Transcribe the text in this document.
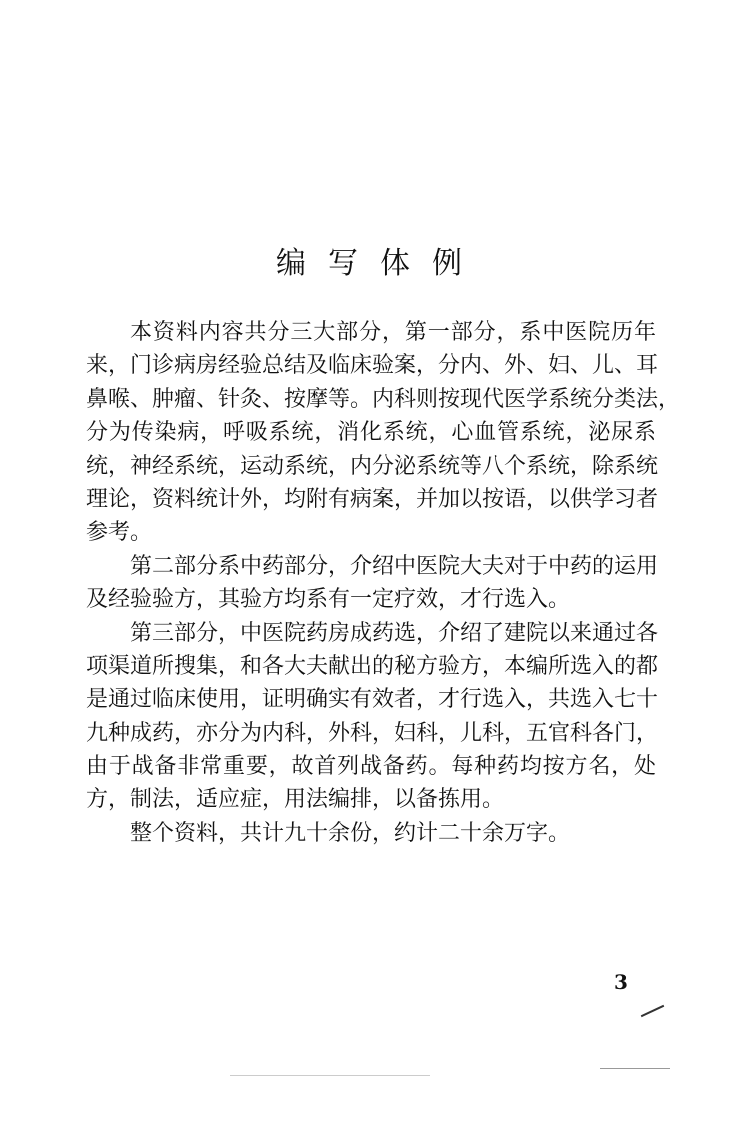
编写体例
本资料内容共分三大部分，第一部分，系中医院历年
来，门诊病房经验总结及临床验案，分内、外、妇、儿、耳
鼻喉、肿瘤、针灸、按摩等。内科则按现代医学系统分类法，
分为传染病，呼吸系统，消化系统，心血管系统，泌尿系
统，神经系统，运动系统，内分泌系统等八个系统，除系统
理论，资料统计外，均附有病案，并加以按语，以供学习者
参考。
第二部分系中药部分，介绍中医院大夫对于中药的运用
及经验验方，其验方均系有一定疗效，才行选入。
第三部分，中医院药房成药选，介绍了建院以来通过各
项渠道所搜集，和各大夫献出的秘方验方，本编所选入的都
是通过临床使用，证明确实有效者，才行选入，共选入七十
九种成药，亦分为内科，外科，妇科，儿科，五官科各门，
由于战备非常重要，故首列战备药。每种药均按方名，处
方，制法，适应症，用法编排，以备拣用。
整个资料，共计九十余份，约计二十余万字。
3
